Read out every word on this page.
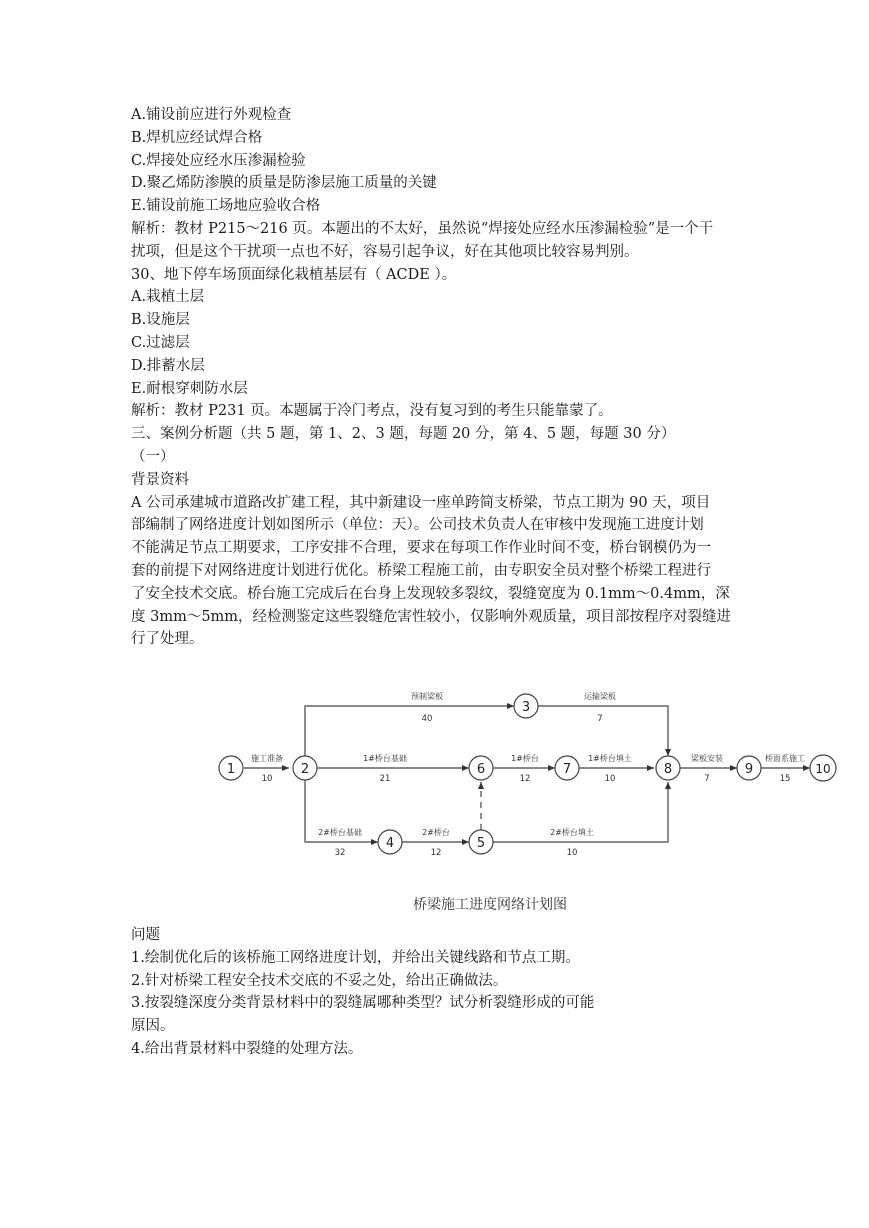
A.铺设前应进行外观检查
B.焊机应经试焊合格
C.焊接处应经水压渗漏检验
D.聚乙烯防渗膜的质量是防渗层施工质量的关键
E.铺设前施工场地应验收合格
解析：教材 P215～216 页。本题出的不太好，虽然说“焊接处应经水压渗漏检验”是一个干
扰项，但是这个干扰项一点也不好，容易引起争议，好在其他项比较容易判别。
30、地下停车场顶面绿化栽植基层有（ ACDE ）。
A.栽植土层
B.设施层
C.过滤层
D.排蓄水层
E.耐根穿刺防水层
解析：教材 P231 页。本题属于冷门考点，没有复习到的考生只能靠蒙了。
三、案例分析题（共 5 题，第 1、2、3 题，每题 20 分，第 4、5 题，每题 30 分）
（一）
背景资料
A 公司承建城市道路改扩建工程，其中新建设一座单跨简支桥梁，节点工期为 90 天，项目
部编制了网络进度计划如图所示（单位：天）。公司技术负责人在审核中发现施工进度计划
不能满足节点工期要求，工序安排不合理，要求在每项工作作业时间不变，桥台钢模仍为一
套的前提下对网络进度计划进行优化。桥梁工程施工前，由专职安全员对整个桥梁工程进行
了安全技术交底。桥台施工完成后在台身上发现较多裂纹，裂缝宽度为 0.1mm～0.4mm，深
度 3mm～5mm，经检测鉴定这些裂缝危害性较小，仅影响外观质量，项目部按程序对裂缝进
行了处理。
1	2
3
4	5
6	7	8	9	10
施工准备
10
预制梁板
40
运输梁板
7
1#桥台基础
21
1#桥台
12
1#桥台填土
10
2#桥台基础
32
2#桥台
12
2#桥台填土
10
梁板安装
7
桥面系施工
15
桥梁施工进度网络计划图
问题
1.绘制优化后的该桥施工网络进度计划，并给出关键线路和节点工期。
2.针对桥梁工程安全技术交底的不妥之处，给出正确做法。
3.按裂缝深度分类背景材料中的裂缝属哪种类型？试分析裂缝形成的可能
原因。
4.给出背景材料中裂缝的处理方法。
